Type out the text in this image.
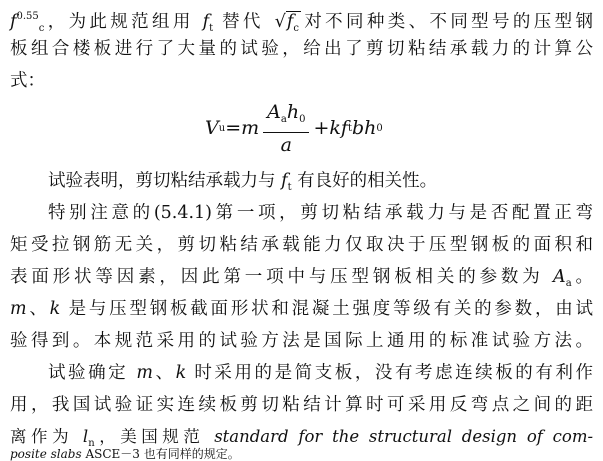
$f^{0.55}_c$，为此规范组用 $f_t$ 替代 $√f_c$ 对不同种类、不同型号的压型钢
板组合楼板进行了大量的试验，给出了剪切粘结承载力的计算公
式：
V u = m $\frac{A_ah_0}{a} + k$ f t bh 0
试验表明，剪切粘结承载力与 $f_t$ 有良好的相关性。
特别注意的(5.4.1)第一项，剪切粘结承载力与是否配置正弯
矩受拉钢筋无关，剪切粘结承载能力仅取决于压型钢板的面积和
表面形状等因素，因此第一项中与压型钢板相关的参数为 $A_a$。
m、k 是与压型钢板截面形状和混凝土强度等级有关的参数，由试
验得到。本规范采用的试验方法是国际上通用的标准试验方法。
试验确定 m、k 时采用的是简支板，没有考虑连续板的有利作
用，我国试验证实连续板剪切粘结计算时可采用反弯点之间的距
离作为 $l_n$，美国规范 standard for the structural design of com-
posite slabs ASCE－3 也有同样的规定。
